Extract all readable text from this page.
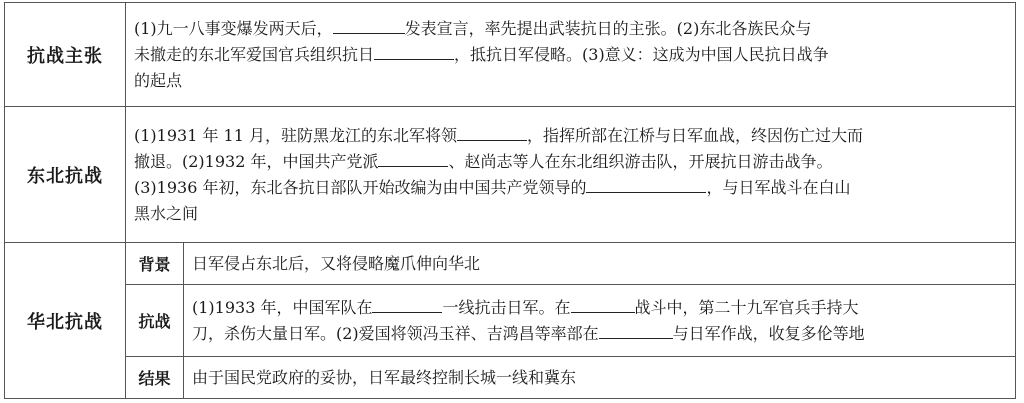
抗战主张	(1)九一八事变爆发两天后， 发表宣言，率先提出武装抗日的主张。(2)东北各族民众与

未撤走的东北军爱国官兵组织抗日 ，抵抗日军侵略。(3)意义：这成为中国人民抗日战争

的起点	

东北抗战	(1)1931 年 11 月，驻防黑龙江的东北军将领 ，指挥所部在江桥与日军血战，终因伤亡过大而

撤退。(2)1932 年，中国共产党派 、赵尚志等人在东北组织游击队，开展抗日游击战争。

(3)1936 年初，东北各抗日部队开始改编为由中国共产党领导的 ，与日军战斗在白山

黑水之间	

华北抗战	背景	日军侵占东北后，又将侵略魔爪伸向华北

	抗战	(1)1933 年，中国军队在 一线抗击日军。在 战斗中，第二十九军官兵手持大

刀，杀伤大量日军。(2)爱国将领冯玉祥、吉鸿昌等率部在 与日军作战，收复多伦等地

	结果	由于国民党政府的妥协，日军最终控制长城一线和冀东
